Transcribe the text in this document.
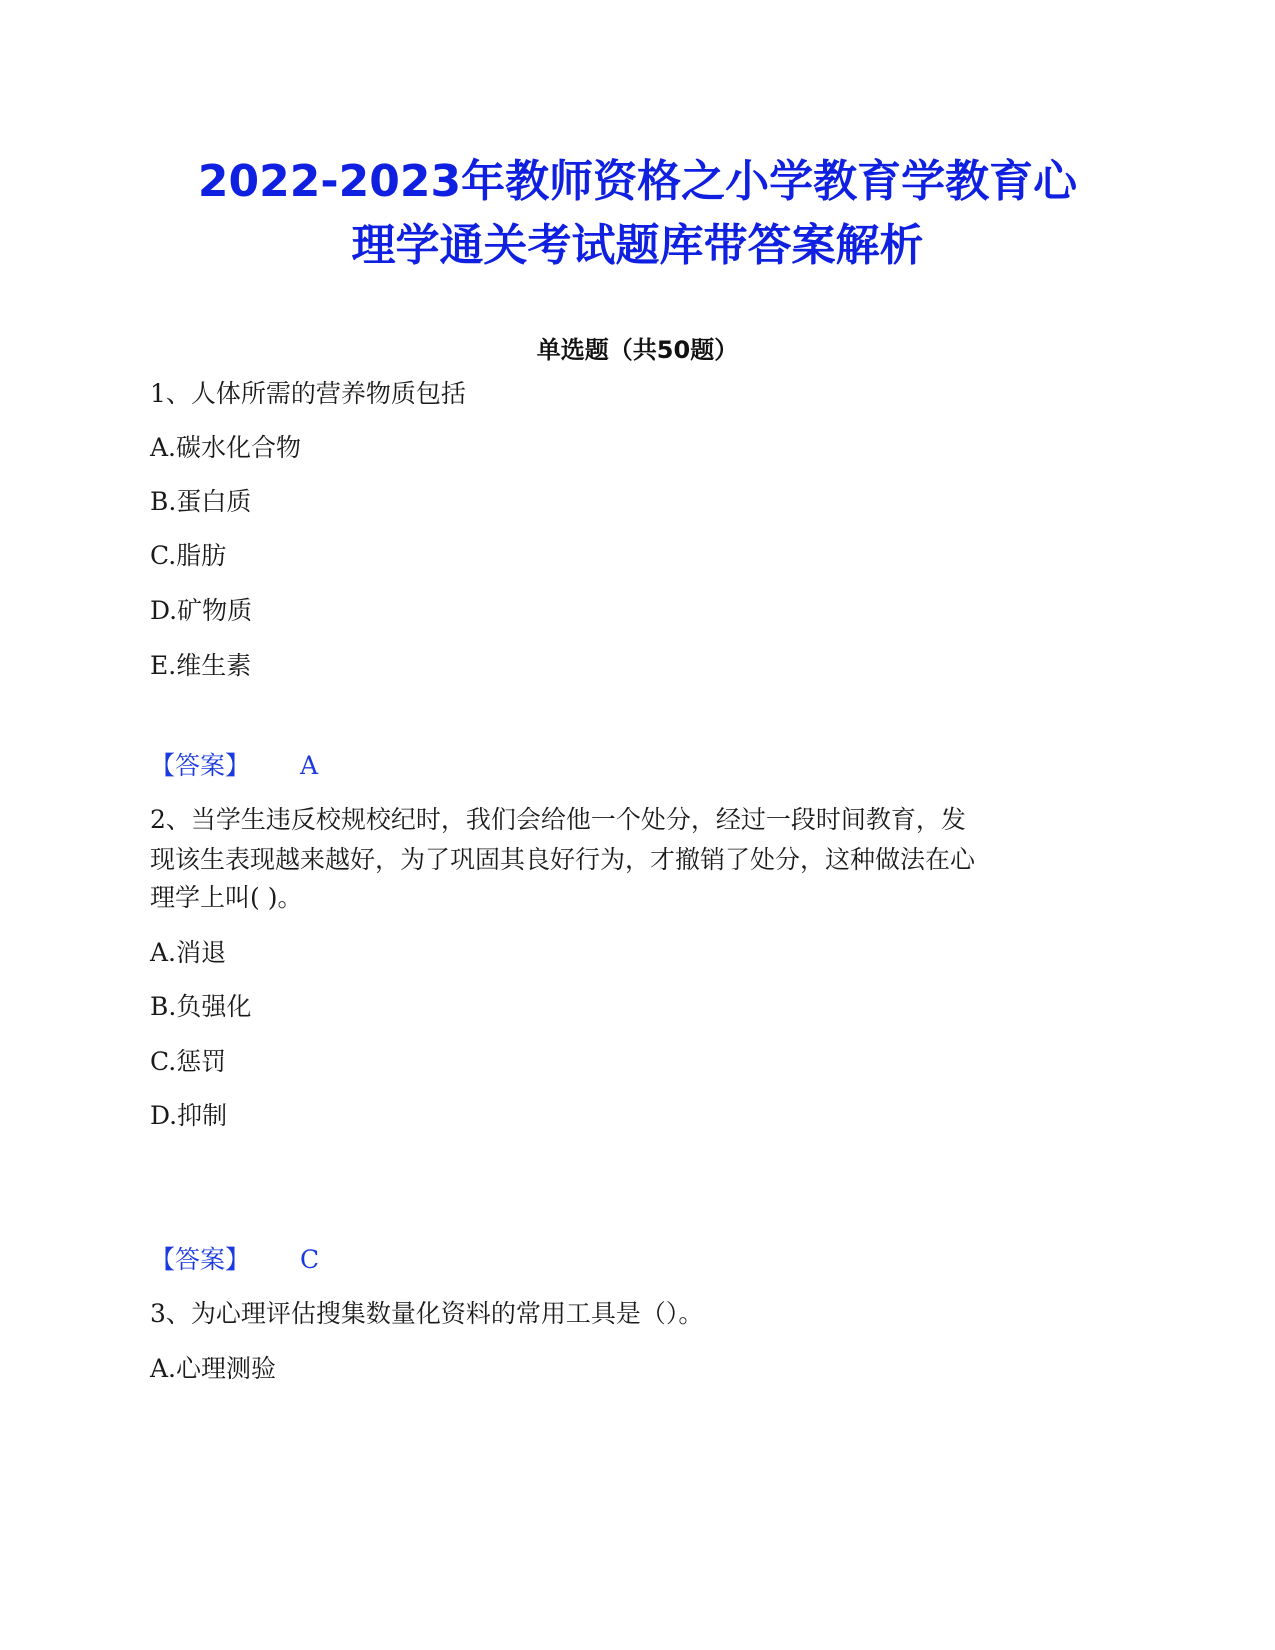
2022-2023年教师资格之小学教育学教育心
理学通关考试题库带答案解析
单选题（共50题）
1、人体所需的营养物质包括
A.碳水化合物
B.蛋白质
C.脂肪
D.矿物质
E.维生素
【答案】 A
2、当学生违反校规校纪时，我们会给他一个处分，经过一段时间教育，发
现该生表现越来越好，为了巩固其良好行为，才撤销了处分，这种做法在心
理学上叫( )。
A.消退
B.负强化
C.惩罚
D.抑制
【答案】 C
3、为心理评估搜集数量化资料的常用工具是（）。
A.心理测验
